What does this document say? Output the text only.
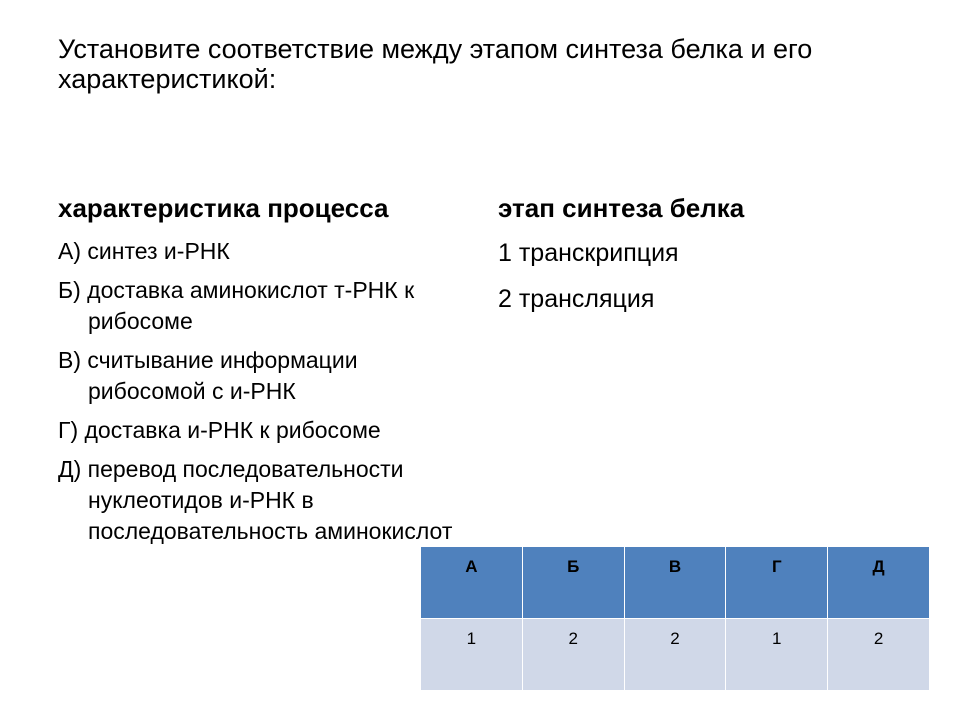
Установите соответствие между этапом синтеза белка и его характеристикой:
характеристика процесса
А) синтез и-РНК
Б) доставка аминокислот т-РНК к рибосоме
В) считывание информации рибосомой с и-РНК
Г) доставка и-РНК к рибосоме
Д) перевод последовательности нуклеотидов и-РНК в последовательность аминокислот
этап синтеза белка
1 транскрипция
2 трансляция
А	Б	В	Г	Д
1	2	2	1	2
